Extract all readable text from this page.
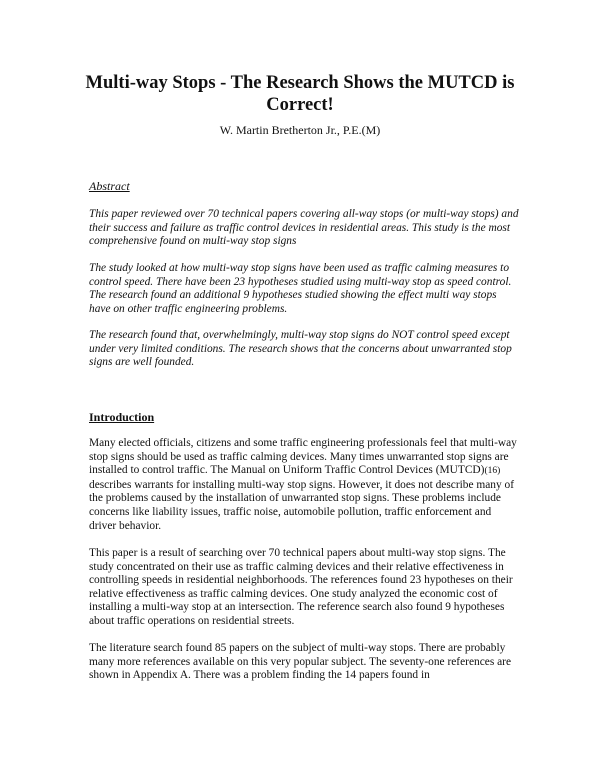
Multi-way Stops - The Research Shows the MUTCD is Correct!

W. Martin Bretherton Jr., P.E.(M)

Abstract

This paper reviewed over 70 technical papers covering all-way stops (or multi-way stops) and their success and failure as traffic control devices in residential areas. This study is the most comprehensive found on multi-way stop signs

The study looked at how multi-way stop signs have been used as traffic calming measures to control speed. There have been 23 hypotheses studied using multi-way stop as speed control. The research found an additional 9 hypotheses studied showing the effect multi way stops have on other traffic engineering problems.

The research found that, overwhelmingly, multi-way stop signs do NOT control speed except under very limited conditions. The research shows that the concerns about unwarranted stop signs are well founded.

Introduction

Many elected officials, citizens and some traffic engineering professionals feel that multi-way stop signs should be used as traffic calming devices. Many times unwarranted stop signs are installed to control traffic. The Manual on Uniform Traffic Control Devices (MUTCD)(16) describes warrants for installing multi-way stop signs. However, it does not describe many of the problems caused by the installation of unwarranted stop signs. These problems include concerns like liability issues, traffic noise, automobile pollution, traffic enforcement and driver behavior.

This paper is a result of searching over 70 technical papers about multi-way stop signs. The study concentrated on their use as traffic calming devices and their relative effectiveness in controlling speeds in residential neighborhoods. The references found 23 hypotheses on their relative effectiveness as traffic calming devices. One study analyzed the economic cost of installing a multi-way stop at an intersection. The reference search also found 9 hypotheses about traffic operations on residential streets.

The literature search found 85 papers on the subject of multi-way stops. There are probably many more references available on this very popular subject. The seventy-one references are shown in Appendix A. There was a problem finding the 14 papers found in
